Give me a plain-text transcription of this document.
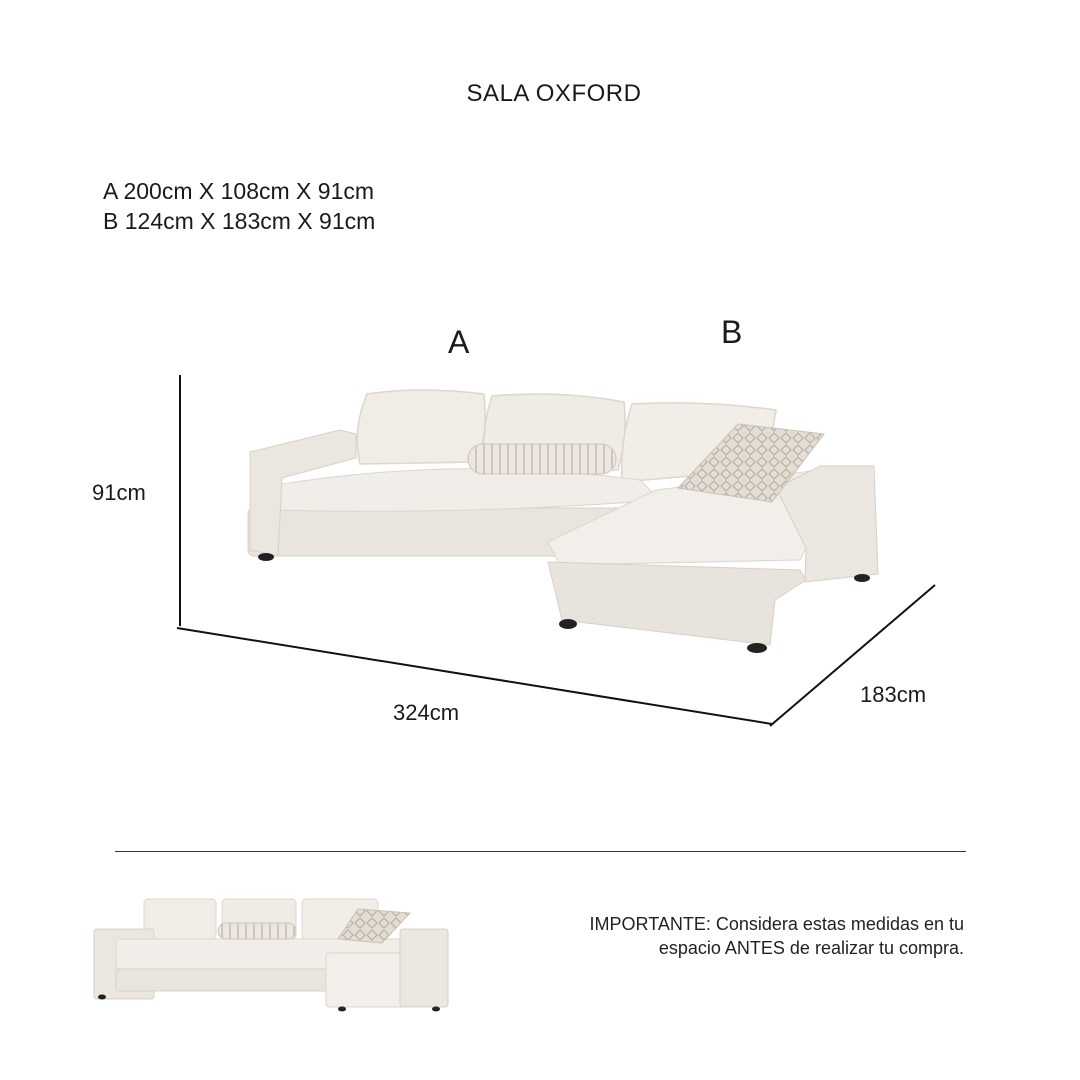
SALA OXFORD
A 200cm X 108cm X 91cm
B 124cm X 183cm X 91cm
A	B
91cm
324cm
183cm
IMPORTANTE: Considera estas medidas en tu
espacio ANTES de realizar tu compra.
